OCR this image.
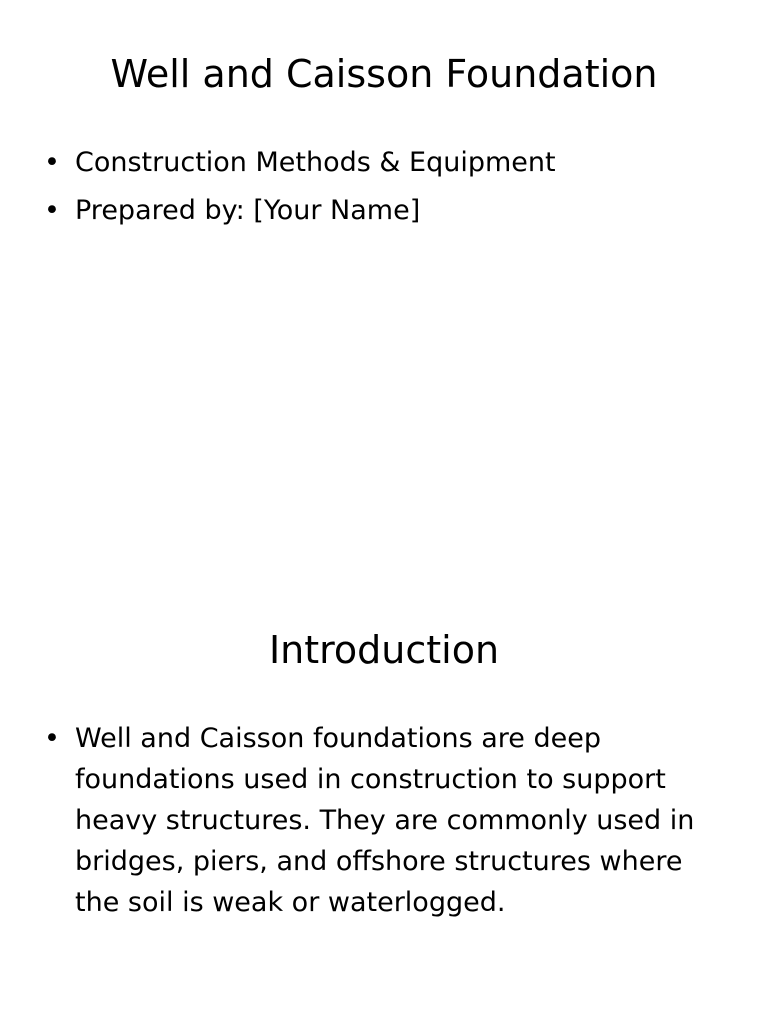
Well and Caisson Foundation
• Construction Methods & Equipment
• Prepared by: [Your Name]
Introduction
• Well and Caisson foundations are deep foundations used in construction to support heavy structures. They are commonly used in bridges, piers, and offshore structures where the soil is weak or waterlogged.
